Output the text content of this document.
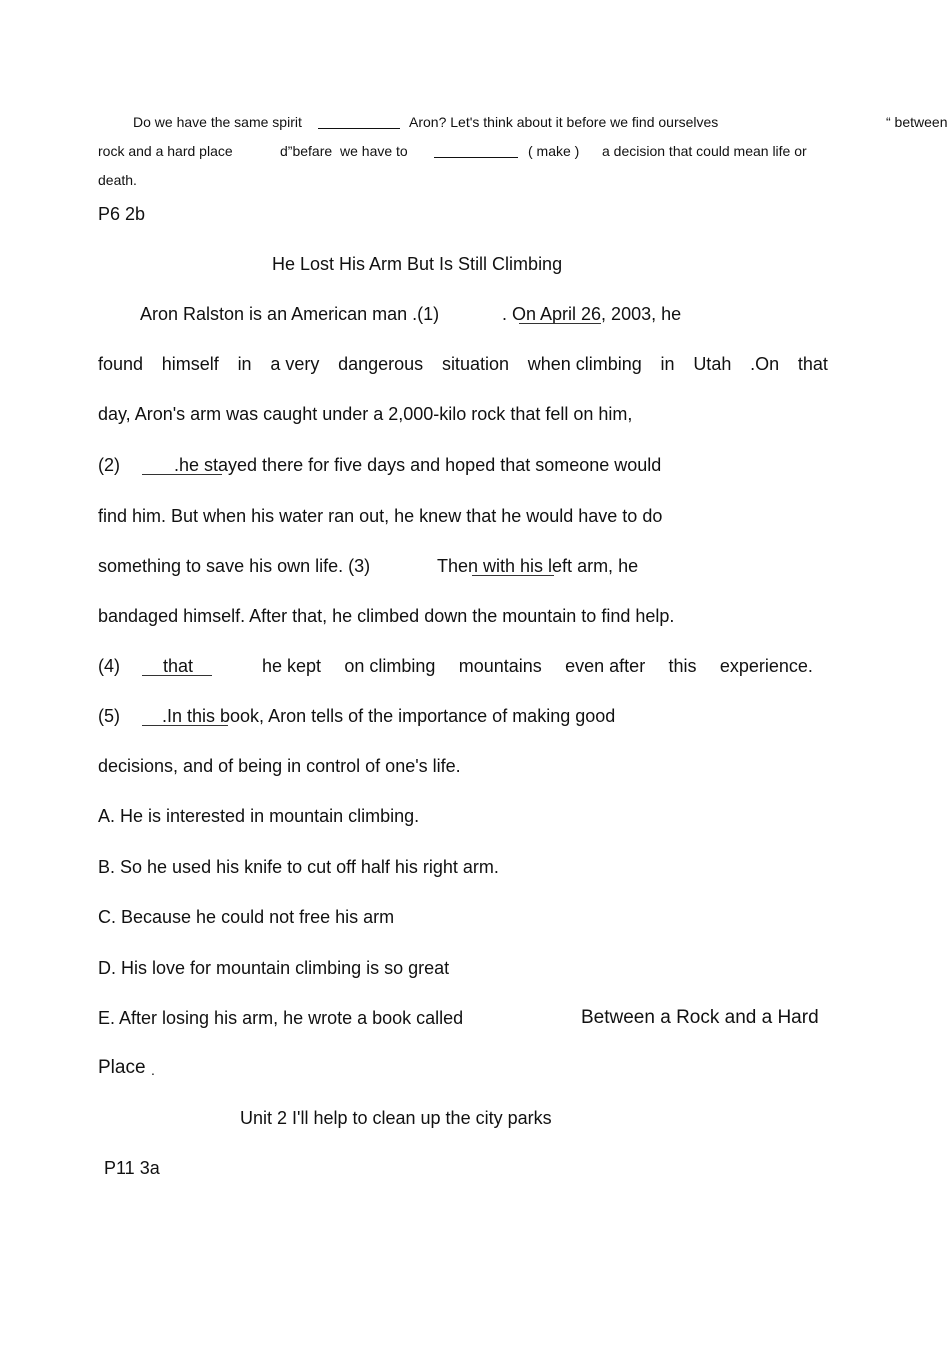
Do we have the same spirit	Aron? Let's think about it before we find ourselves	“ between
rock and a hard place	d”befare we have to	( make ) a decision that could mean life or
death.
P6 2b
He Lost His Arm But Is Still Climbing
Aron Ralston is an American man .(1)	. On April 26, 2003, he
found himself in a very dangerous situation when climbing in Utah .On that
day, Aron's arm was caught under a 2,000-kilo rock that fell on him,
(2)	.he stayed there for five days and hoped that someone would
find him. But when his water ran out, he knew that he would have to do
something to save his own life. (3)	Then with his left arm, he
bandaged himself. After that, he climbed down the mountain to find help.
(4) that	he kept on climbing mountains even after this experience.
(5) .In this book, Aron tells of the importance of making good
decisions, and of being in control of one's life.
A. He is interested in mountain climbing.
B. So he used his knife to cut off half his right arm.
C. Because he could not free his arm
D. His love for mountain climbing is so great
E. After losing his arm, he wrote a book called	Between a Rock and a Hard
Place .
Unit 2 I'll help to clean up the city parks
P11 3a
